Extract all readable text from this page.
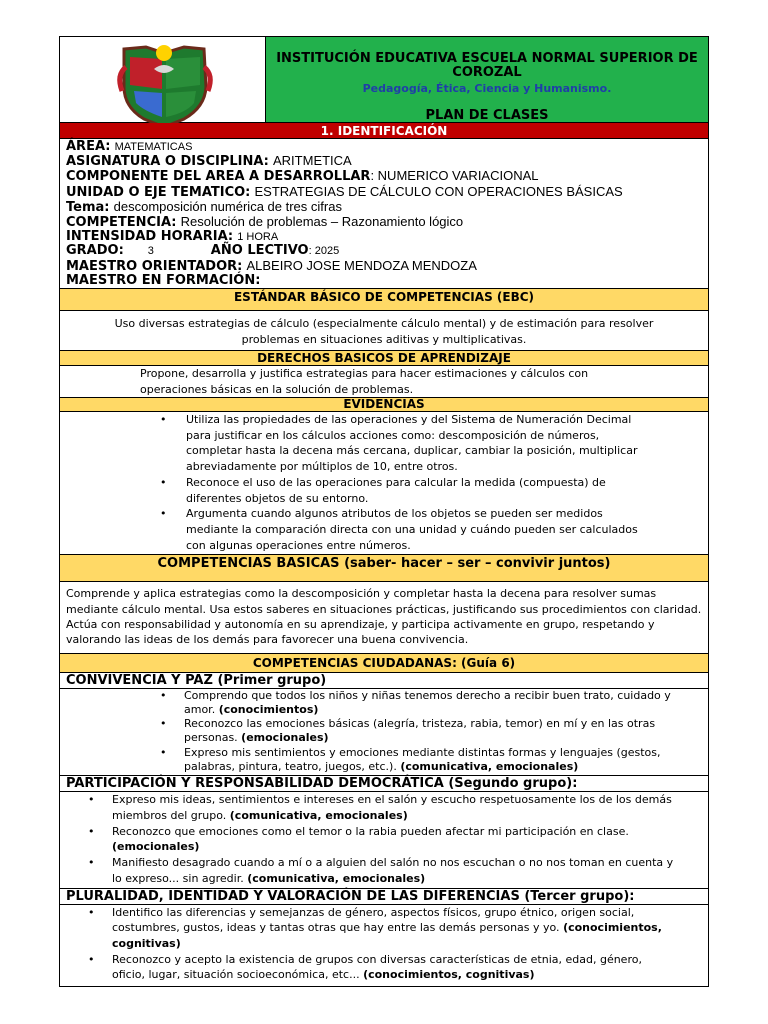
INSTITUCIÓN EDUCATIVA ESCUELA NORMAL SUPERIOR DE COROZAL
Pedagogía, Ética, Ciencia y Humanismo.
PLAN DE CLASES
1. IDENTIFICACIÓN
ÁREA: MATEMATICAS
ASIGNATURA O DISCIPLINA: ARITMETICA
COMPONENTE DEL AREA A DESARROLLAR: NUMERICO VARIACIONAL
UNIDAD O EJE TEMATICO: ESTRATEGIAS DE CÁLCULO CON OPERACIONES BÁSICAS
Tema: descomposición numérica de tres cifras
COMPETENCIA: Resolución de problemas – Razonamiento lógico
INTENSIDAD HORARIA: 1 HORA
GRADO: 3	AÑO LECTIVO: 2025
MAESTRO ORIENTADOR: ALBEIRO JOSE MENDOZA MENDOZA
MAESTRO EN FORMACIÓN:
ESTÁNDAR BÁSICO DE COMPETENCIAS (EBC)
Uso diversas estrategias de cálculo (especialmente cálculo mental) y de estimación para resolver problemas en situaciones aditivas y multiplicativas.
DERECHOS BASICOS DE APRENDIZAJE
Propone, desarrolla y justifica estrategias para hacer estimaciones y cálculos con operaciones básicas en la solución de problemas.
EVIDENCIAS
• Utiliza las propiedades de las operaciones y del Sistema de Numeración Decimal para justificar en los cálculos acciones como: descomposición de números, completar hasta la decena más cercana, duplicar, cambiar la posición, multiplicar abreviadamente por múltiplos de 10, entre otros.
• Reconoce el uso de las operaciones para calcular la medida (compuesta) de diferentes objetos de su entorno.
• Argumenta cuando algunos atributos de los objetos se pueden ser medidos mediante la comparación directa con una unidad y cuándo pueden ser calculados con algunas operaciones entre números.
COMPETENCIAS BASICAS (saber- hacer – ser – convivir juntos)
Comprende y aplica estrategias como la descomposición y completar hasta la decena para resolver sumas mediante cálculo mental. Usa estos saberes en situaciones prácticas, justificando sus procedimientos con claridad. Actúa con responsabilidad y autonomía en su aprendizaje, y participa activamente en grupo, respetando y valorando las ideas de los demás para favorecer una buena convivencia.
COMPETENCIAS CIUDADANAS: (Guía 6)
CONVIVENCIA Y PAZ (Primer grupo)
• Comprendo que todos los niños y niñas tenemos derecho a recibir buen trato, cuidado y amor. (conocimientos)
• Reconozco las emociones básicas (alegría, tristeza, rabia, temor) en mí y en las otras personas. (emocionales)
• Expreso mis sentimientos y emociones mediante distintas formas y lenguajes (gestos, palabras, pintura, teatro, juegos, etc.). (comunicativa, emocionales)
PARTICIPACIÓN Y RESPONSABILIDAD DEMOCRÁTICA (Segundo grupo):
• Expreso mis ideas, sentimientos e intereses en el salón y escucho respetuosamente los de los demás miembros del grupo. (comunicativa, emocionales)
• Reconozco que emociones como el temor o la rabia pueden afectar mi participación en clase. (emocionales)
• Manifiesto desagrado cuando a mí o a alguien del salón no nos escuchan o no nos toman en cuenta y lo expreso... sin agredir. (comunicativa, emocionales)
PLURALIDAD, IDENTIDAD Y VALORACIÓN DE LAS DIFERENCIAS (Tercer grupo):
• Identifico las diferencias y semejanzas de género, aspectos físicos, grupo étnico, origen social, costumbres, gustos, ideas y tantas otras que hay entre las demás personas y yo. (conocimientos, cognitivas)
• Reconozco y acepto la existencia de grupos con diversas características de etnia, edad, género, oficio, lugar, situación socioeconómica, etc... (conocimientos, cognitivas)
